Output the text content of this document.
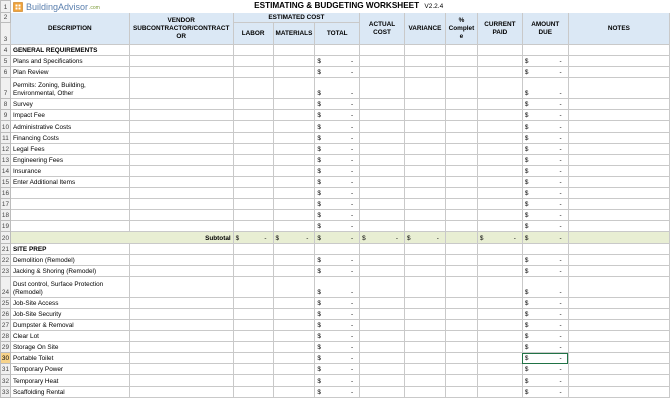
1	BuildingAdvisor .com	ESTIMATING & BUDGETING WORKSHEET V2.2.4									
2	DESCRIPTION	VENDOR SUBCONTRACTOR/CONTRACT OR	ESTIMATED COST			ACTUAL COST	VARIANCE	% Complet e	CURRENT PAID	AMOUNT DUE	NOTES
3			LABOR	MATERIALS	TOTAL						
4	GENERAL REQUIREMENTS										
5	Plans and Specifications				$ -					$ -	

6	Plan Review				$ -					$ -	

7	Permits: Zoning, Building, Environmental, Other				$ -					$ -	

8	Survey				$ -					$ -	

9	Impact Fee				$ -					$ -	

10	Administrative Costs				$ -					$ -	

11	Financing Costs				$ -					$ -	

12	Legal Fees				$ -					$ -	

13	Engineering Fees				$ -					$ -	

14	Insurance				$ -					$ -	

15	Enter Additional Items				$ -					$ -	

16					$ -					$ -	

17					$ -					$ -	

18					$ -					$ -	

19					$ -					$ -	

20	Subtotal		$ -	$ -	$ -	$ -	$ -		$ -	$ -	

21	SITE PREP										
22	Demolition (Remodel)				$ -					$ -	

23	Jacking & Shoring (Remodel)				$ -					$ -	

24	Dust control, Surface Protection (Remodel)				$ -					$ -	

25	Job-Site Access				$ -					$ -	

26	Job-Site Security				$ -					$ -	

27	Dumpster & Removal				$ -					$ -	

28	Clear Lot				$ -					$ -	

29	Storage On Site				$ -					$ -	

30	Portable Toilet				$ -					$ -	

31	Temporary Power				$ -					$ -	

32	Temporary Heat				$ -					$ -	

33	Scaffolding Rental				$ -					$ -	
